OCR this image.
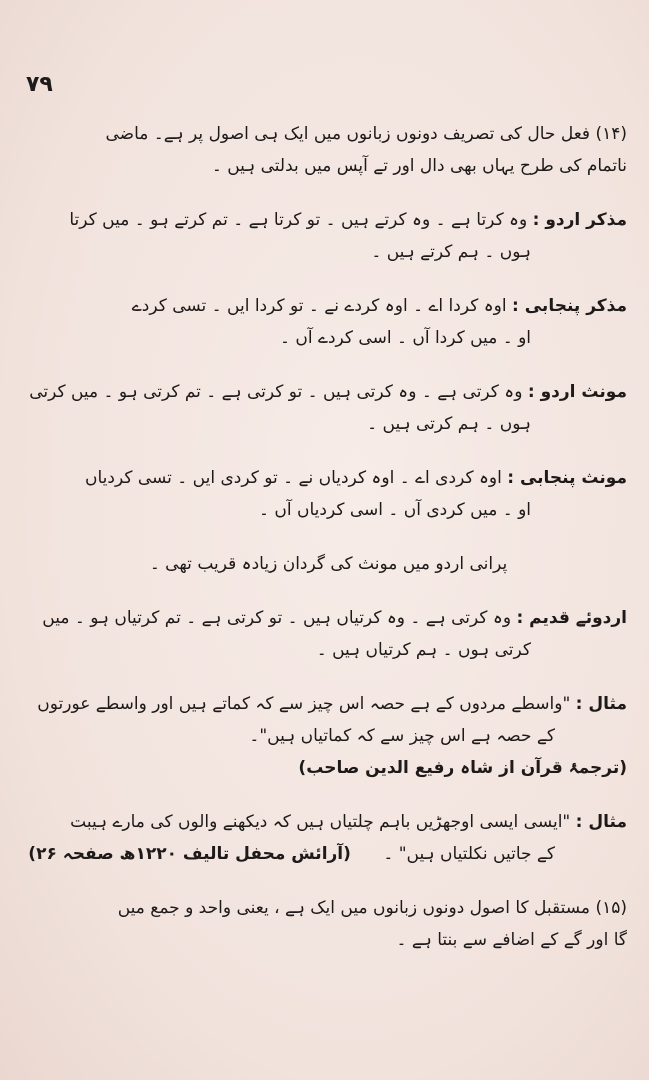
٧٩
(۱۴) فعل حال کی تصریف دونوں زبانوں میں ایک ہی اصول پر ہے۔ ماضی
ناتمام کی طرح یہاں بھی دال اور تے آپس میں بدلتی ہیں ۔
مذکر اردو : وہ کرتا ہے ۔ وہ کرتے ہیں ۔ تو کرتا ہے ۔ تم کرتے ہو ۔ میں کرتا
ہوں ۔ ہم کرتے ہیں ۔
مذکر پنجابی : اوہ کردا اے ۔ اوہ کردے نے ۔ تو کردا ایں ۔ تسی کردے
او ۔ میں کردا آں ۔ اسی کردے آں ۔
مونث اردو : وہ کرتی ہے ۔ وہ کرتی ہیں ۔ تو کرتی ہے ۔ تم کرتی ہو ۔ میں کرتی
ہوں ۔ ہم کرتی ہیں ۔
مونث پنجابی : اوہ کردی اے ۔ اوہ کردیاں نے ۔ تو کردی ایں ۔ تسی کردیاں
او ۔ میں کردی آں ۔ اسی کردیاں آں ۔
پرانی اردو میں مونث کی گردان زیادہ قریب تھی ۔
اردوئے قدیم : وہ کرتی ہے ۔ وہ کرتیاں ہیں ۔ تو کرتی ہے ۔ تم کرتیاں ہو ۔ میں
کرتی ہوں ۔ ہم کرتیاں ہیں ۔
مثال : "واسطے مردوں کے ہے حصہ اس چیز سے کہ کماتے ہیں اور واسطے عورتوں
کے حصہ ہے اس چیز سے کہ کماتیاں ہیں"۔
(ترجمۂ قرآن از شاہ رفیع الدین صاحب)
مثال : "ایسی ایسی اوجھڑیں باہم چلتیاں ہیں کہ دیکھنے والوں کی مارے ہیبت
کے جاتیں نکلتیاں ہیں" ۔      (آرائش محفل تالیف ۱۲۲۰ھ صفحہ ۲۶)
(۱۵) مستقبل کا اصول دونوں زبانوں میں ایک ہے ، یعنی واحد و جمع میں
گا اور گے کے اضافے سے بنتا ہے ۔
